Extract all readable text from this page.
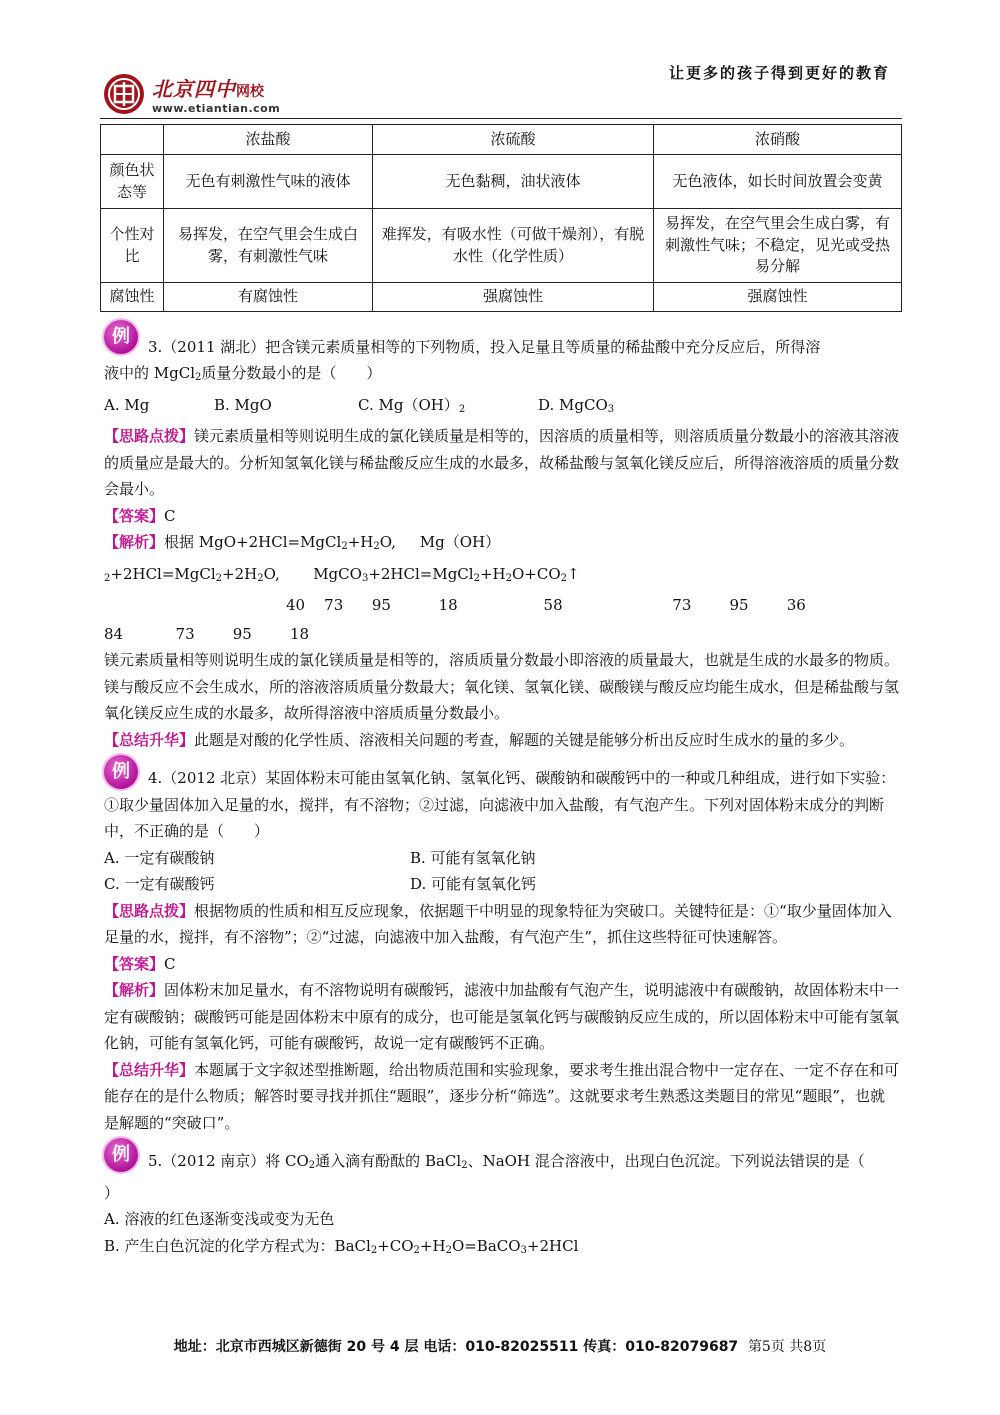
让更多的孩子得到更好的教育
北京四中网校
www.etiantian.com
	浓盐酸	浓硫酸	浓硝酸
颜色状态等	无色有刺激性气味的液体	无色黏稠，油状液体	无色液体，如长时间放置会变黄
个性对比	易挥发，在空气里会生成白雾，有刺激性气味	难挥发，有吸水性（可做干燥剂），有脱水性（化学性质）	易挥发，在空气里会生成白雾，有刺激性气味；不稳定，见光或受热易分解
腐蚀性	有腐蚀性	强腐蚀性	强腐蚀性
例	3.（2011 湖北）把含镁元素质量相等的下列物质，投入足量且等质量的稀盐酸中充分反应后，所得溶

液中的 MgCl$_2$质量分数最小的是（　　）

A. Mg	B. MgO	C. $Mg(OH)_2$	D. MgCO$_3$

【思路点拨】镁元素质量相等则说明生成的氯化镁质量是相等的，因溶质的质量相等，则溶质质量分数最小的溶液其溶液的质量应是最大的。分析知氢氧化镁与稀盐酸反应生成的水最多，故稀盐酸与氢氧化镁反应后，所得溶液溶质的质量分数会最小。

【答案】C

【解析】根据 $MgO+2HCl=MgCl_2+H_2O$, $Mg(OH)_2+2HCl=MgCl_2+2H_2O$, $MgCO_3+2HCl=MgCl_2+H_2O+CO_2↑$

40    73      95          18                  58                       73        95        36

84           73        95        18

镁元素质量相等则说明生成的氯化镁质量是相等的，溶质质量分数最小即溶液的质量最大，也就是生成的水最多的物质。镁与酸反应不会生成水，所的溶液溶质质量分数最大；氧化镁、氢氧化镁、碳酸镁与酸反应均能生成水，但是稀盐酸与氢氧化镁反应生成的水最多，故所得溶液中溶质质量分数最小。

【总结升华】此题是对酸的化学性质、溶液相关问题的考查，解题的关键是能够分析出反应时生成水的量的多少。

例	4.（2012 北京）某固体粉末可能由氢氧化钠、氢氧化钙、碳酸钠和碳酸钙中的一种或几种组成，进行如下实验：①取少量固体加入足量的水，搅拌，有不溶物；②过滤，向滤液中加入盐酸，有气泡产生。下列对固体粉末成分的判断中，不正确的是（　　）

A. 一定有碳酸钠	B. 可能有氢氧化钠
C. 一定有碳酸钙	D. 可能有氢氧化钙

【思路点拨】根据物质的性质和相互反应现象，依据题干中明显的现象特征为突破口。关键特征是：①“取少量固体加入足量的水，搅拌，有不溶物”；②“过滤，向滤液中加入盐酸，有气泡产生”，抓住这些特征可快速解答。

【答案】C

【解析】固体粉末加足量水，有不溶物说明有碳酸钙，滤液中加盐酸有气泡产生，说明滤液中有碳酸钠，故固体粉末中一定有碳酸钠；碳酸钙可能是固体粉末中原有的成分，也可能是氢氧化钙与碳酸钠反应生成的，所以固体粉末中可能有氢氧化钠，可能有氢氧化钙，可能有碳酸钙，故说一定有碳酸钙不正确。

【总结升华】本题属于文字叙述型推断题，给出物质范围和实验现象，要求考生推出混合物中一定存在、一定不存在和可能存在的是什么物质；解答时要寻找并抓住“题眼”，逐步分析“筛选”。这就要求考生熟悉这类题目的常见“题眼”，也就是解题的“突破口”。

例	5.（2012 南京）将 $CO_2$通入滴有酚酞的 BaCl$_2$、NaOH 混合溶液中，出现白色沉淀。下列说法错误的是（
）

A. 溶液的红色逐渐变浅或变为无色

B. 产生白色沉淀的化学方程式为：$BaCl_2+CO_2+H_2O=BaCO_3+2HCl$

地址：北京市西城区新德街 20 号 4 层 电话：010-82025511 传真：010-82079687 第5页 共8页
